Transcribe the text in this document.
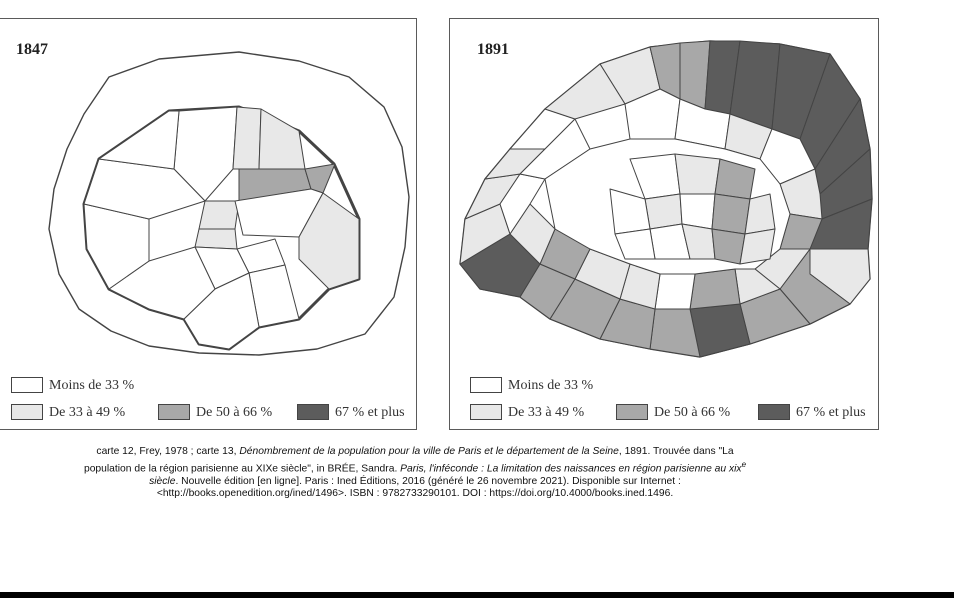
1847
Moins de 33 %
De 33 à 49 %	De 50 à 66 %	67 % et plus
1891
Moins de 33 %
De 33 à 49 %	De 50 à 66 %	67 % et plus

carte 12, Frey, 1978 ; carte 13, Dénombrement de la population pour la ville de Paris et le département de la Seine, 1891. Trouvée dans "La

population de la région parisienne au XIXe siècle", in BRÉE, Sandra. Paris, l'inféconde : La limitation des naissances en région parisienne au xix$^e$

siècle. Nouvelle édition [en ligne]. Paris : Ined Éditions, 2016 (généré le 26 novembre 2021). Disponible sur Internet :

<http://books.openedition.org/ined/1496>. ISBN : 9782733290101. DOI : https://doi.org/10.4000/books.ined.1496.
